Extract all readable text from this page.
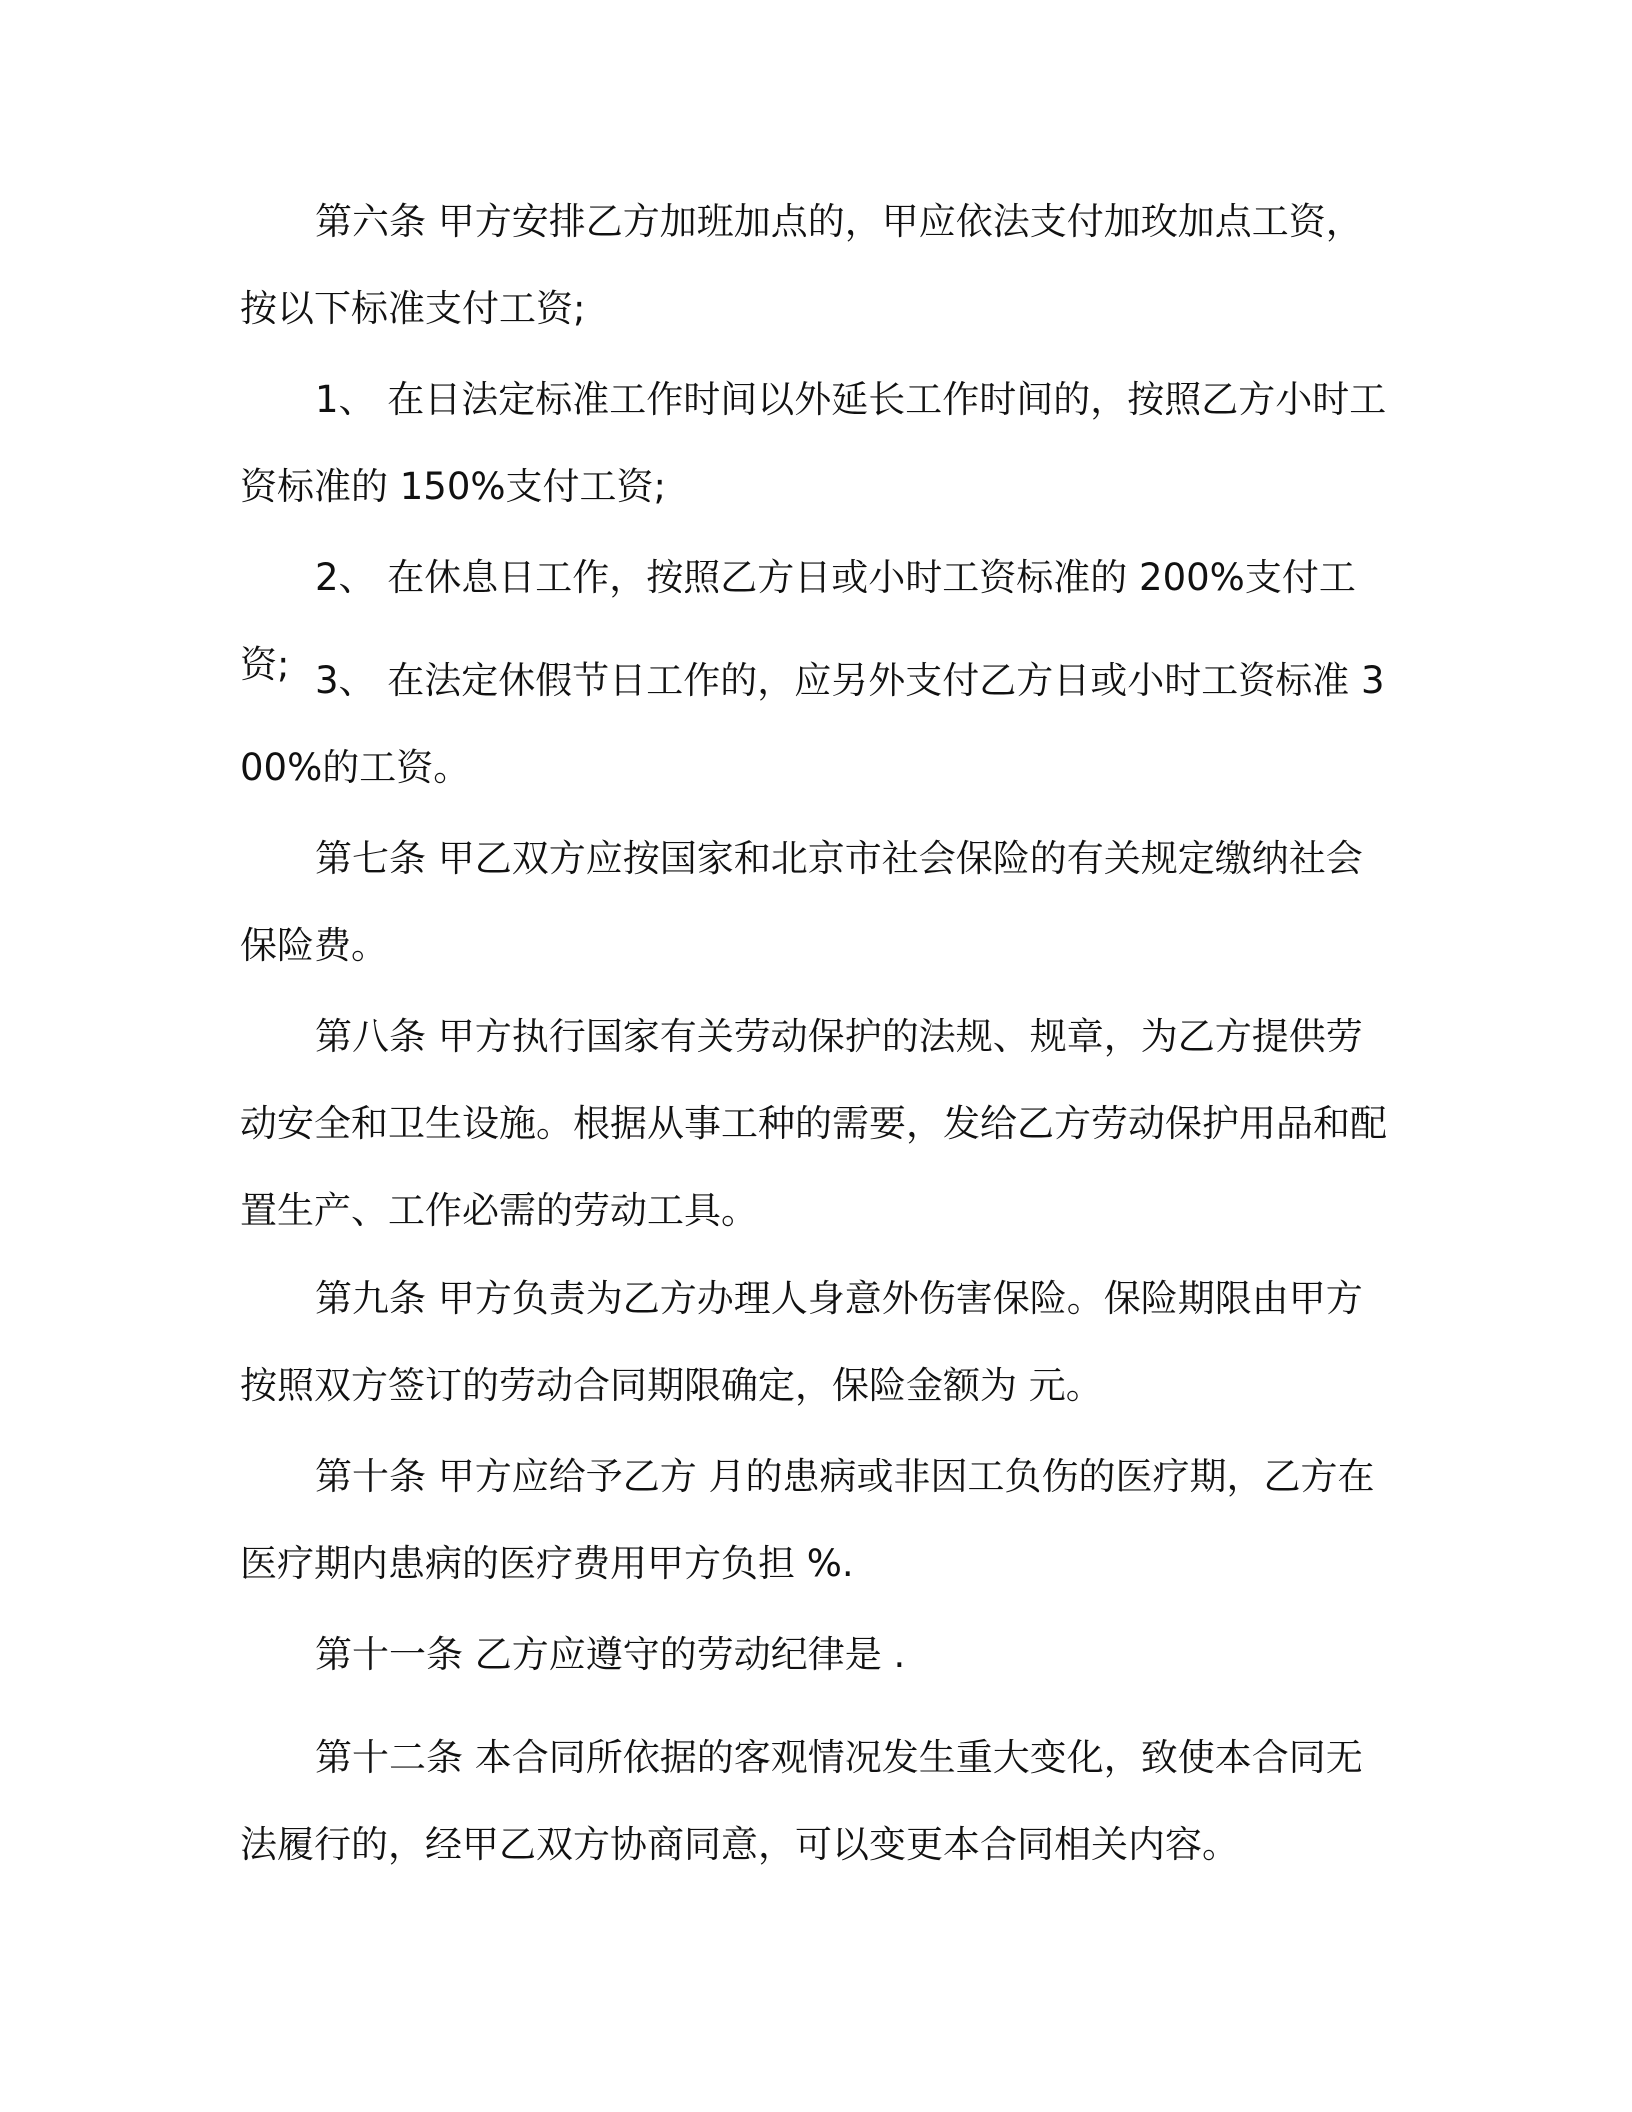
第六条 甲方安排乙方加班加点的，甲应依法支付加玫加点工资，按以下标准支付工资;

1、 在日法定标准工作时间以外延长工作时间的，按照乙方小时工资标准的 150%支付工资;

2、 在休息日工作，按照乙方日或小时工资标准的 200%支付工资; 3、 在法定休假节日工作的，应另外支付乙方日或小时工资标准 300%的工资。

第七条 甲乙双方应按国家和北京市社会保险的有关规定缴纳社会保险费。

第八条 甲方执行国家有关劳动保护的法规、规章，为乙方提供劳动安全和卫生设施。根据从事工种的需要，发给乙方劳动保护用品和配置生产、工作必需的劳动工具。

第九条 甲方负责为乙方办理人身意外伤害保险。保险期限由甲方按照双方签订的劳动合同期限确定，保险金额为 元。

第十条 甲方应给予乙方 月的患病或非因工负伤的医疗期，乙方在医疗期内患病的医疗费用甲方负担 %.

第十一条 乙方应遵守的劳动纪律是 .

第十二条 本合同所依据的客观情况发生重大变化，致使本合同无法履行的，经甲乙双方协商同意，可以变更本合同相关内容。
